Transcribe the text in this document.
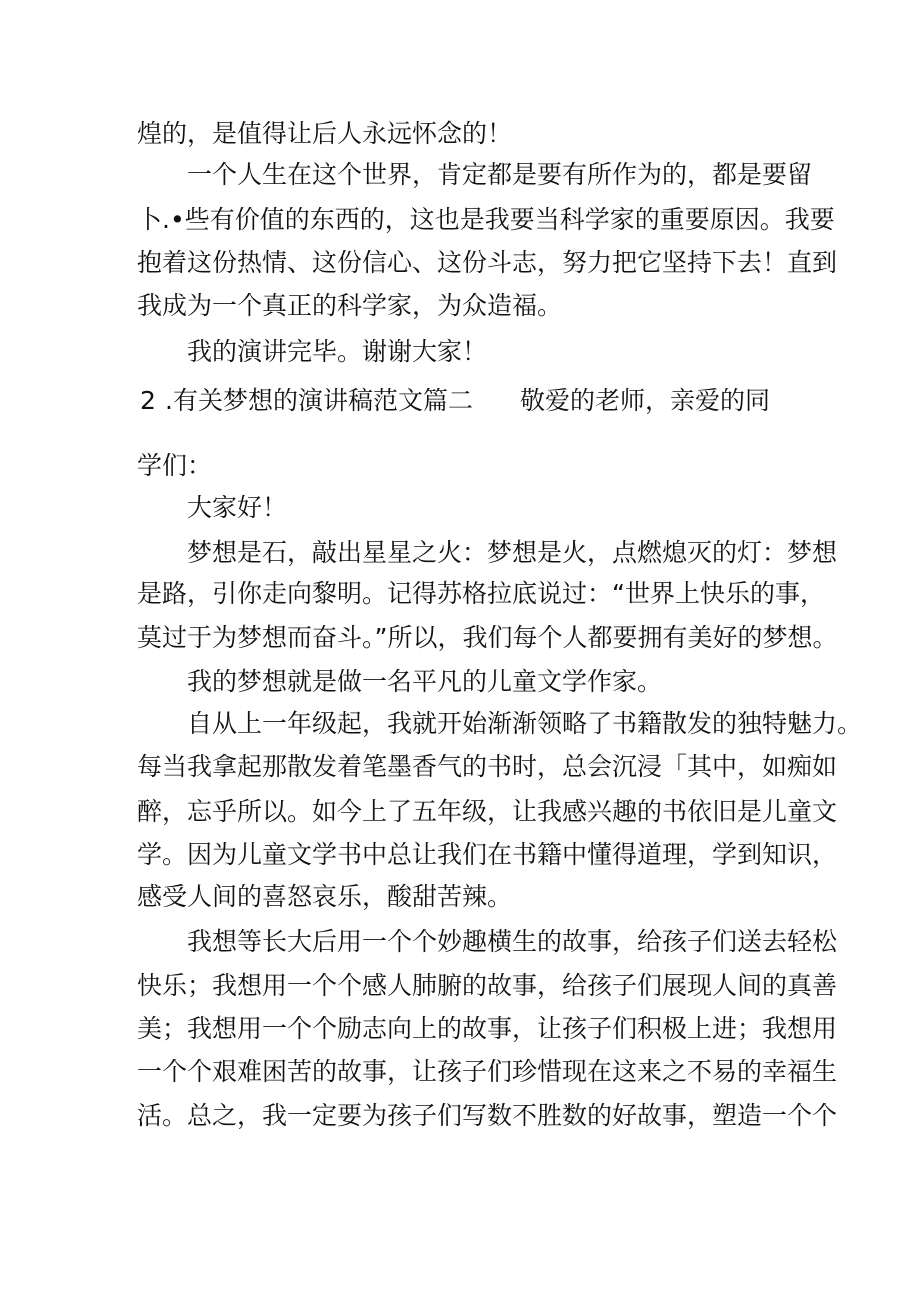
煌的，是值得让后人永远怀念的！
一个人生在这个世界，肯定都是要有所作为的，都是要留
卜.•些有价值的东西的，这也是我要当科学家的重要原因。我要
抱着这份热情、这份信心、这份斗志，努力把它坚持下去！直到
我成为一个真正的科学家，为众造福。
我的演讲完毕。谢谢大家！
2 .有关梦想的演讲稿范文篇二 敬爱的老师，亲爱的同
学们：
大家好！
梦想是石，敲出星星之火：梦想是火，点燃熄灭的灯：梦想
是路，引你走向黎明。记得苏格拉底说过：“世界上快乐的事，
莫过于为梦想而奋斗。”所以，我们每个人都要拥有美好的梦想。
我的梦想就是做一名平凡的儿童文学作家。
自从上一年级起，我就开始渐渐领略了书籍散发的独特魅力。
每当我拿起那散发着笔墨香气的书时，总会沉浸「其中，如痴如
醉，忘乎所以。如今上了五年级，让我感兴趣的书依旧是儿童文
学。因为儿童文学书中总让我们在书籍中懂得道理，学到知识，
感受人间的喜怒哀乐，酸甜苦辣。
我想等长大后用一个个妙趣横生的故事，给孩子们送去轻松
快乐；我想用一个个感人肺腑的故事，给孩子们展现人间的真善
美；我想用一个个励志向上的故事，让孩子们积极上进；我想用
一个个艰难困苦的故事，让孩子们珍惜现在这来之不易的幸福生
活。总之，我一定要为孩子们写数不胜数的好故事，塑造一个个
